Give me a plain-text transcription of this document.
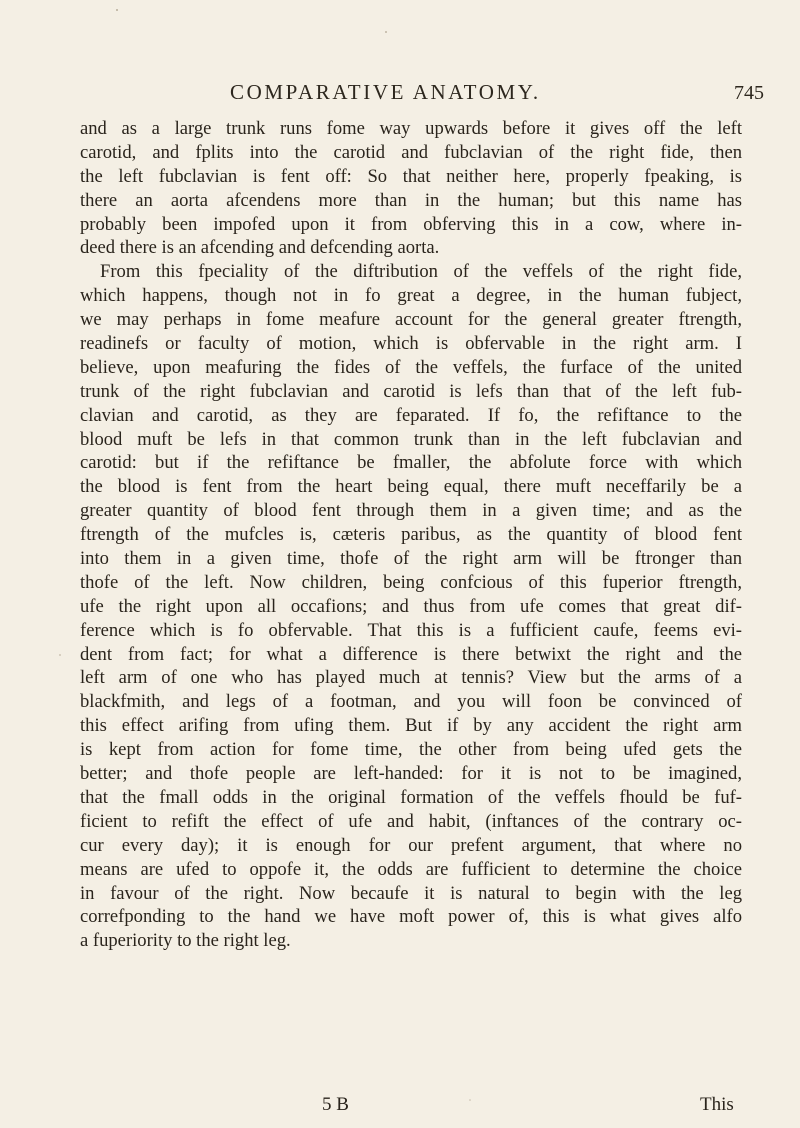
COMPARATIVE ANATOMY.	745

and as a large trunk runs fome way upwards before it gives off the left
carotid, and fplits into the carotid and fubclavian of the right fide, then
the left fubclavian is fent off: So that neither here, properly fpeaking, is
there an aorta afcendens more than in the human; but this name has
probably been impofed upon it from obferving this in a cow, where in-
deed there is an afcending and defcending aorta.

From this fpeciality of the diftribution of the veffels of the right fide,
which happens, though not in fo great a degree, in the human fubject,
we may perhaps in fome meafure account for the general greater ftrength,
readinefs or faculty of motion, which is obfervable in the right arm. I
believe, upon meafuring the fides of the veffels, the furface of the united
trunk of the right fubclavian and carotid is lefs than that of the left fub-
clavian and carotid, as they are feparated. If fo, the refiftance to the
blood muft be lefs in that common trunk than in the left fubclavian and
carotid: but if the refiftance be fmaller, the abfolute force with which
the blood is fent from the heart being equal, there muft neceffarily be a
greater quantity of blood fent through them in a given time; and as the
ftrength of the mufcles is, cæteris paribus, as the quantity of blood fent
into them in a given time, thofe of the right arm will be ftronger than
thofe of the left. Now children, being confcious of this fuperior ftrength,
ufe the right upon all occafions; and thus from ufe comes that great dif-
ference which is fo obfervable. That this is a fufficient caufe, feems evi-
dent from fact; for what a difference is there betwixt the right and the
left arm of one who has played much at tennis? View but the arms of a
blackfmith, and legs of a footman, and you will foon be convinced of
this effect arifing from ufing them. But if by any accident the right arm
is kept from action for fome time, the other from being ufed gets the
better; and thofe people are left-handed: for it is not to be imagined,
that the fmall odds in the original formation of the veffels fhould be fuf-
ficient to refift the effect of ufe and habit, (inftances of the contrary oc-
cur every day); it is enough for our prefent argument, that where no
means are ufed to oppofe it, the odds are fufficient to determine the choice
in favour of the right. Now becaufe it is natural to begin with the leg
correfponding to the hand we have moft power of, this is what gives alfo
a fuperiority to the right leg.

5 B	This
